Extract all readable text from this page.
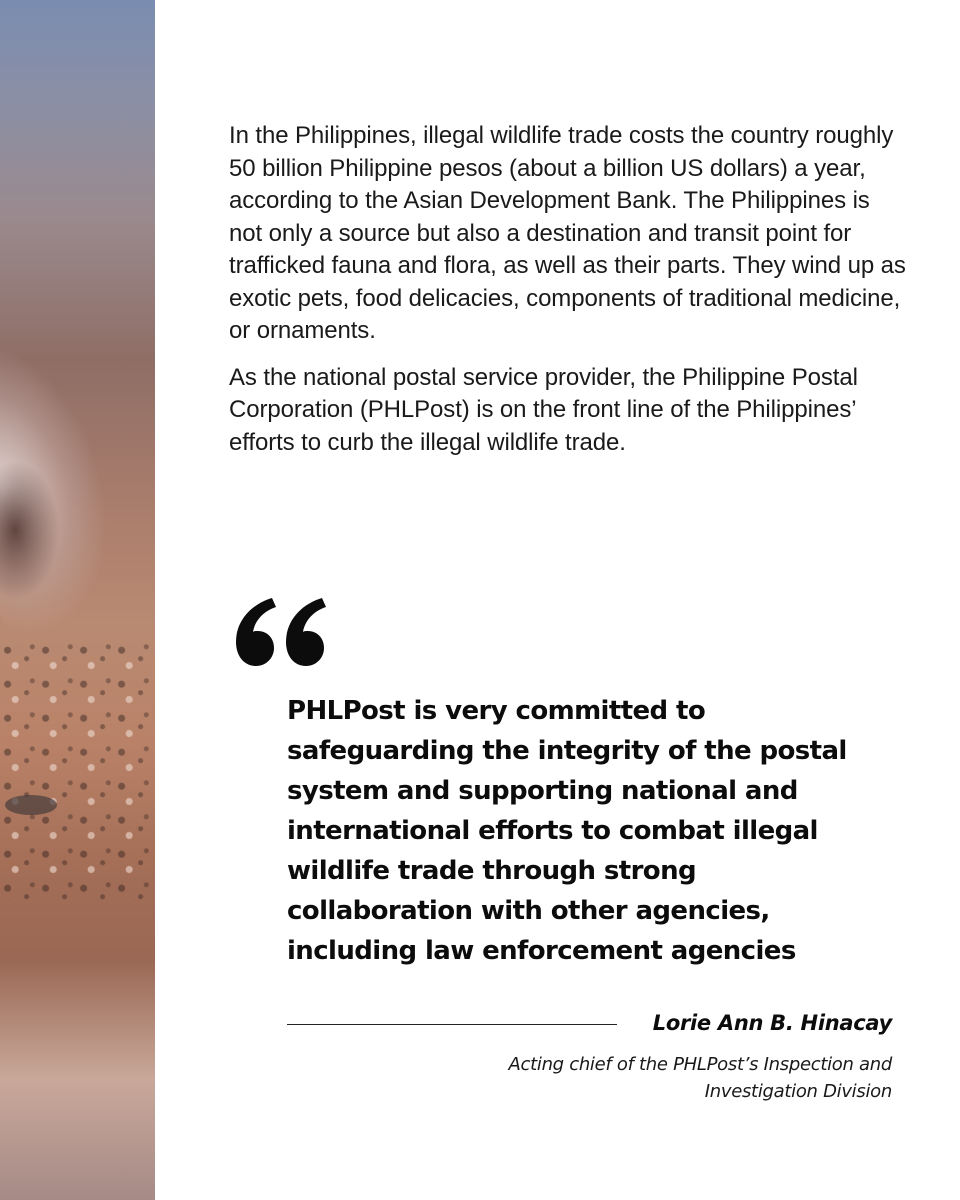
In the Philippines, illegal wildlife trade costs the country roughly 50 billion Philippine pesos (about a billion US dollars) a year, according to the Asian Development Bank. The Philippines is not only a source but also a destination and transit point for trafficked fauna and flora, as well as their parts. They wind up as exotic pets, food delicacies, components of traditional medicine, or ornaments.

As the national postal service provider, the Philippine Postal Corporation (PHLPost) is on the front line of the Philippines’ efforts to curb the illegal wildlife trade.

PHLPost is very committed to safeguarding the integrity of the postal system and supporting national and international efforts to combat illegal wildlife trade through strong collaboration with other agencies, including law enforcement agencies

Lorie Ann B. Hinacay
Acting chief of the PHLPost’s Inspection and Investigation Division
